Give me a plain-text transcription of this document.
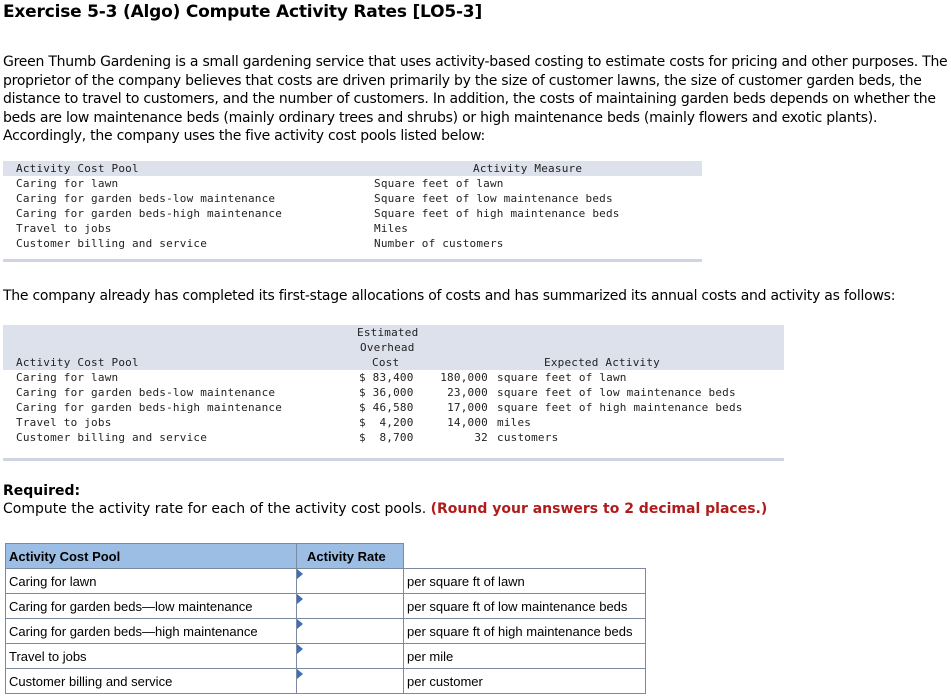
Exercise 5-3 (Algo) Compute Activity Rates [LO5-3]
Green Thumb Gardening is a small gardening service that uses activity-based costing to estimate costs for pricing and other purposes. The proprietor of the company believes that costs are driven primarily by the size of customer lawns, the size of customer garden beds, the distance to travel to customers, and the number of customers. In addition, the costs of maintaining garden beds depends on whether the beds are low maintenance beds (mainly ordinary trees and shrubs) or high maintenance beds (mainly flowers and exotic plants). Accordingly, the company uses the five activity cost pools listed below:
Activity Cost Pool	Activity Measure
Caring for lawn	Square feet of lawn
Caring for garden beds-low maintenance	Square feet of low maintenance beds
Caring for garden beds-high maintenance	Square feet of high maintenance beds
Travel to jobs	Miles
Customer billing and service	Number of customers
The company already has completed its first-stage allocations of costs and has summarized its annual costs and activity as follows:
Estimated
Overhead
Activity Cost Pool	Cost	Expected Activity
Caring for lawn	$ 83,400	180,000 square feet of lawn
Caring for garden beds-low maintenance	$ 36,000	23,000 square feet of low maintenance beds
Caring for garden beds-high maintenance	$ 46,580	17,000 square feet of high maintenance beds
Travel to jobs	$  4,200	14,000 miles
Customer billing and service	$  8,700	32 customers
Required:
Compute the activity rate for each of the activity cost pools. (Round your answers to 2 decimal places.)
Activity Cost Pool	Activity Rate	
Caring for lawn		per square ft of lawn
Caring for garden beds—low maintenance		per square ft of low maintenance beds
Caring for garden beds—high maintenance		per square ft of high maintenance beds
Travel to jobs		per mile
Customer billing and service		per customer
